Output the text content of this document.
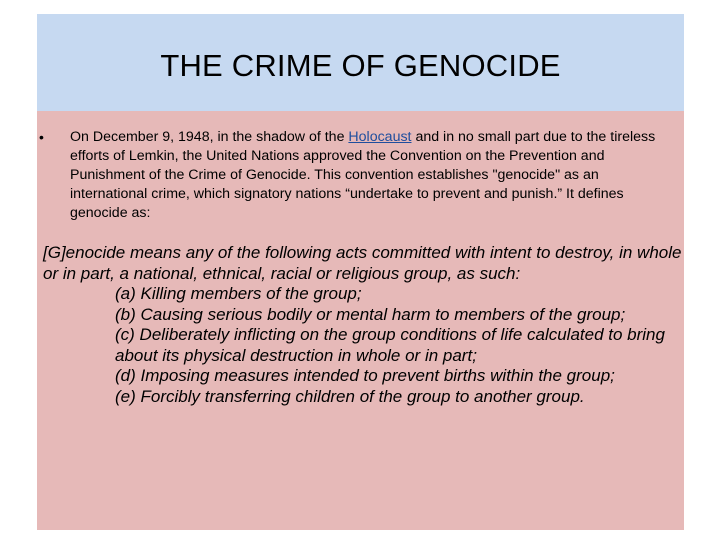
THE CRIME OF GENOCIDE
• On December 9, 1948, in the shadow of the Holocaust and in no small part due to the tireless efforts of Lemkin, the United Nations approved the Convention on the Prevention and Punishment of the Crime of Genocide. This convention establishes "genocide" as an international crime, which signatory nations “undertake to prevent and punish.” It defines genocide as:
[G]enocide means any of the following acts committed with intent to destroy, in whole or in part, a national, ethnical, racial or religious group, as such:
(a) Killing members of the group;
(b) Causing serious bodily or mental harm to members of the group;
(c) Deliberately inflicting on the group conditions of life calculated to bring about its physical destruction in whole or in part;
(d) Imposing measures intended to prevent births within the group;
(e) Forcibly transferring children of the group to another group.
